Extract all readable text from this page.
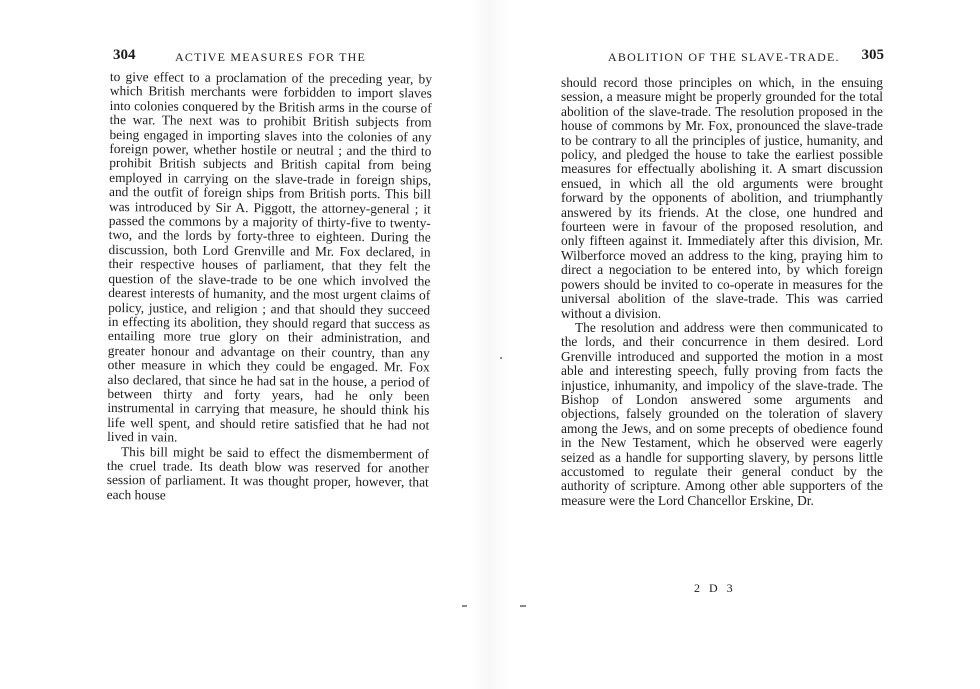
304	ACTIVE MEASURES FOR THE

to give effect to a proclamation of the preceding year, by which British merchants were forbidden to import slaves into colonies conquered by the British arms in the course of the war. The next was to prohibit British subjects from being engaged in importing slaves into the colonies of any foreign power, whether hostile or neutral ; and the third to prohibit British subjects and British capital from being employed in carrying on the slave-trade in foreign ships, and the outfit of foreign ships from British ports. This bill was introduced by Sir A. Piggott, the attorney-general ; it passed the commons by a majority of thirty-five to twenty-two, and the lords by forty-three to eighteen. During the discussion, both Lord Grenville and Mr. Fox declared, in their respective houses of parliament, that they felt the question of the slave-trade to be one which involved the dearest interests of humanity, and the most urgent claims of policy, justice, and religion ; and that should they succeed in effecting its abolition, they should regard that success as entailing more true glory on their administration, and greater honour and advantage on their country, than any other measure in which they could be engaged. Mr. Fox also declared, that since he had sat in the house, a period of between thirty and forty years, had he only been instrumental in carrying that measure, he should think his life well spent, and should retire satisfied that he had not lived in vain.

This bill might be said to effect the dismemberment of the cruel trade. Its death blow was reserved for another session of parliament. It was thought proper, however, that each house

ABOLITION OF THE SLAVE-TRADE. 305

should record those principles on which, in the ensuing session, a measure might be properly grounded for the total abolition of the slave-trade. The resolution proposed in the house of commons by Mr. Fox, pronounced the slave-trade to be contrary to all the principles of justice, humanity, and policy, and pledged the house to take the earliest possible measures for effectually abolishing it. A smart discussion ensued, in which all the old arguments were brought forward by the opponents of abolition, and triumphantly answered by its friends. At the close, one hundred and fourteen were in favour of the proposed resolution, and only fifteen against it. Immediately after this division, Mr. Wilberforce moved an address to the king, praying him to direct a negociation to be entered into, by which foreign powers should be invited to co-operate in measures for the universal abolition of the slave-trade. This was carried without a division.

The resolution and address were then communicated to the lords, and their concurrence in them desired. Lord Grenville introduced and supported the motion in a most able and interesting speech, fully proving from facts the injustice, inhumanity, and impolicy of the slave-trade. The Bishop of London answered some arguments and objections, falsely grounded on the toleration of slavery among the Jews, and on some precepts of obedience found in the New Testament, which he observed were eagerly seized as a handle for supporting slavery, by persons little accustomed to regulate their general conduct by the authority of scripture. Among other able supporters of the measure were the Lord Chancellor Erskine, Dr.

2 D 3
